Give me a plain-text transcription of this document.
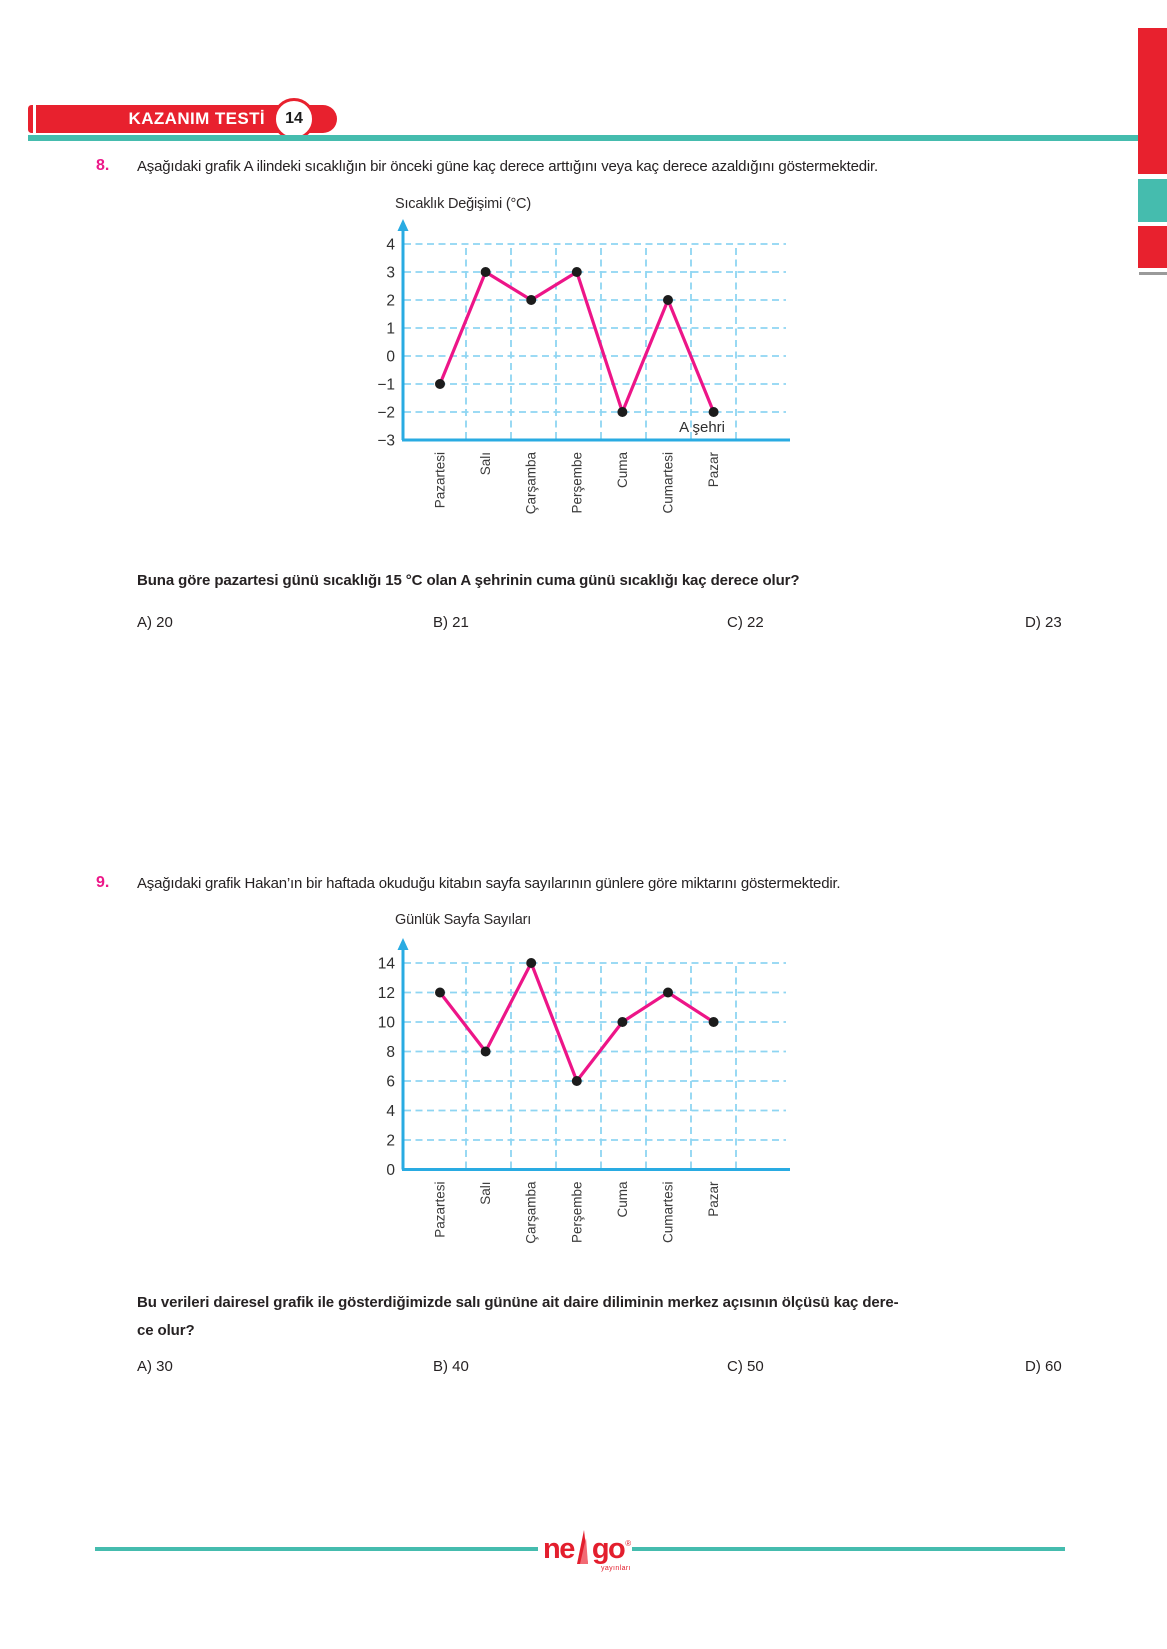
KAZANIM TESTİ	14
8. Aşağıdaki grafik A ilindeki sıcaklığın bir önceki güne kaç derece arttığını veya kaç derece azaldığını göstermektedir.
Sıcaklık Değişimi (°C)
A şehri
4
3
2
1
0
−1
−2
−3
Pazartesi Salı Çarşamba Perşembe Cuma Cumartesi Pazar
Buna göre pazartesi günü sıcaklığı 15 °C olan A şehrinin cuma günü sıcaklığı kaç derece olur?
A) 20	B) 21	C) 22	D) 23
9. Aşağıdaki grafik Hakan’ın bir haftada okuduğu kitabın sayfa sayılarının günlere göre miktarını göstermektedir.
Günlük Sayfa Sayıları
14
12
10
8
6
4
2
0
Pazartesi Salı Çarşamba Perşembe Cuma Cumartesi Pazar
Bu verileri dairesel grafik ile gösterdiğimizde salı gününe ait daire diliminin merkez açısının ölçüsü kaç dere-
ce olur?
A) 30	B) 40	C) 50	D) 60
ne go ®
yayınları
